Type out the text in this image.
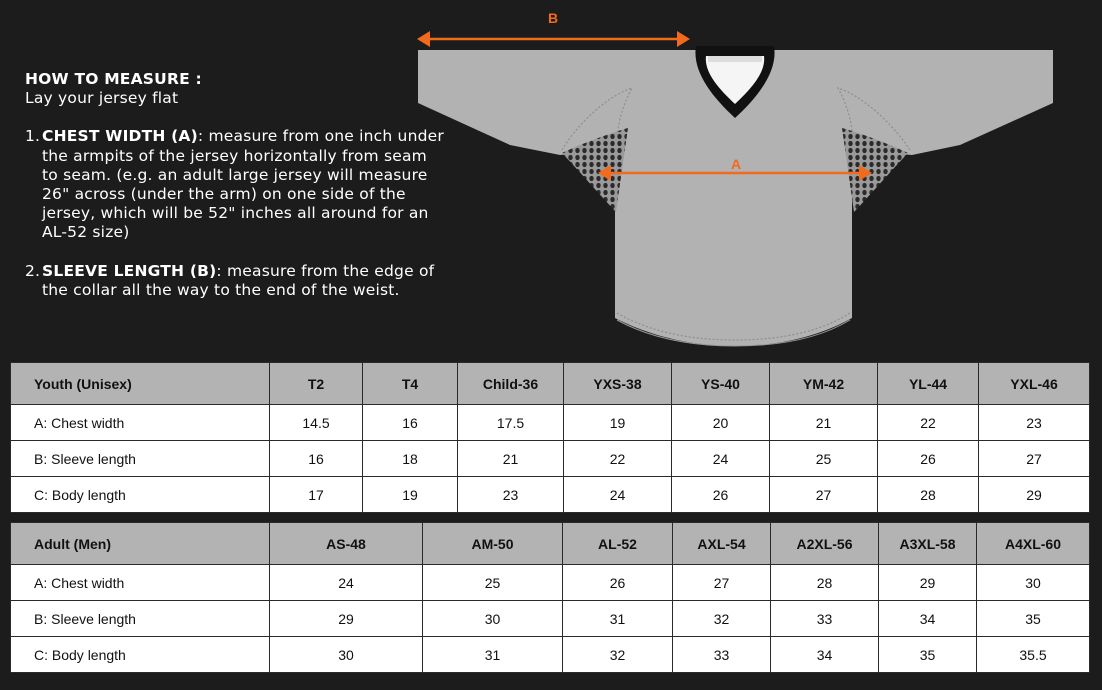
HOW TO MEASURE :
Lay your jersey flat
1. CHEST WIDTH (A): measure from one inch under the armpits of the jersey horizontally from seam to seam. (e.g. an adult large jersey will measure 26" across (under the arm) on one side of the jersey, which will be 52" inches all around for an AL-52 size)
2. SLEEVE LENGTH (B): measure from the edge of the collar all the way to the end of the weist.
B
A
Youth (Unisex)	T2	T4	Child-36	YXS-38	YS-40	YM-42	YL-44	YXL-46
A: Chest width	14.5	16	17.5	19	20	21	22	23
B: Sleeve length	16	18	21	22	24	25	26	27
C: Body length	17	19	23	24	26	27	28	29
Adult (Men)	AS-48	AM-50	AL-52	AXL-54	A2XL-56	A3XL-58	A4XL-60
A: Chest width	24	25	26	27	28	29	30
B: Sleeve length	29	30	31	32	33	34	35
C: Body length	30	31	32	33	34	35	35.5
